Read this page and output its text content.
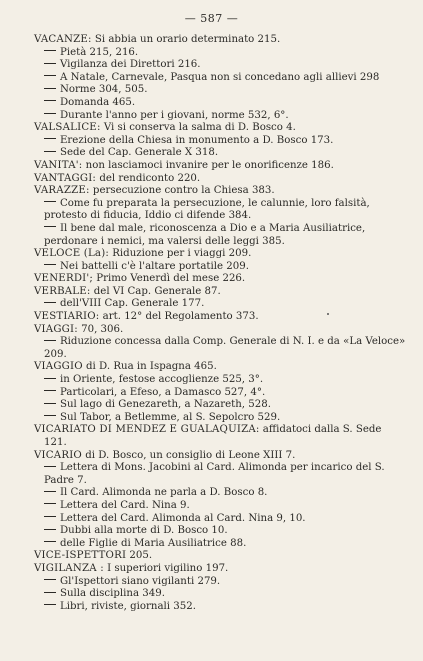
— 587 —
VACANZE: Si abbia un orario determinato 215.
Pietà 215, 216.
Vigilanza dei Direttori 216.
A Natale, Carnevale, Pasqua non si concedano agli allievi 298
Norme 304, 505.
Domanda 465.
Durante l'anno per i giovani, norme 532, 6°.
VALSALICE: Vi si conserva la salma di D. Bosco 4.
Erezione della Chiesa in monumento a D. Bosco 173.
Sede del Cap. Generale X 318.
VANITA': non lasciamoci invanire per le onorificenze 186.
VANTAGGI: del rendiconto 220.
VARAZZE: persecuzione contro la Chiesa 383.
Come fu preparata la persecuzione, le calunnie, loro falsità, protesto di fiducia, Iddio ci difende 384.
Il bene dal male, riconoscenza a Dio e a Maria Ausiliatrice, perdonare i nemici, ma valersi delle leggi 385.
VELOCE (La): Riduzione per i viaggi 209.
Nei battelli c'è l'altare portatile 209.
VENERDI'; Primo Venerdì del mese 226.
VERBALE: del VI Cap. Generale 87.
dell'VIII Cap. Generale 177.
VESTIARIO: art. 12° del Regolamento 373.
VIAGGI: 70, 306.
Riduzione concessa dalla Comp. Generale di N. I. e da «La Veloce» 209.
VIAGGIO di D. Rua in Ispagna 465.
in Oriente, festose accoglienze 525, 3°.
Particolari, a Efeso, a Damasco 527, 4°.
Sul lago di Genezareth, a Nazareth, 528.
Sul Tabor, a Betlemme, al S. Sepolcro 529.
VICARIATO DI MENDEZ E GUALAQUIZA: affidatoci dalla S. Sede 121.
VICARIO di D. Bosco, un consiglio di Leone XIII 7.
Lettera di Mons. Jacobini al Card. Alimonda per incarico del S. Padre 7.
Il Card. Alimonda ne parla a D. Bosco 8.
Lettera del Card. Nina 9.
Lettera del Card. Alimonda al Card. Nina 9, 10.
Dubbi alla morte di D. Bosco 10.
delle Figlie di Maria Ausiliatrice 88.
VICE-ISPETTORI 205.
VIGILANZA : I superiori vigilino 197.
Gl'Ispettori siano vigilanti 279.
Sulla disciplina 349.
Libri, riviste, giornali 352.
